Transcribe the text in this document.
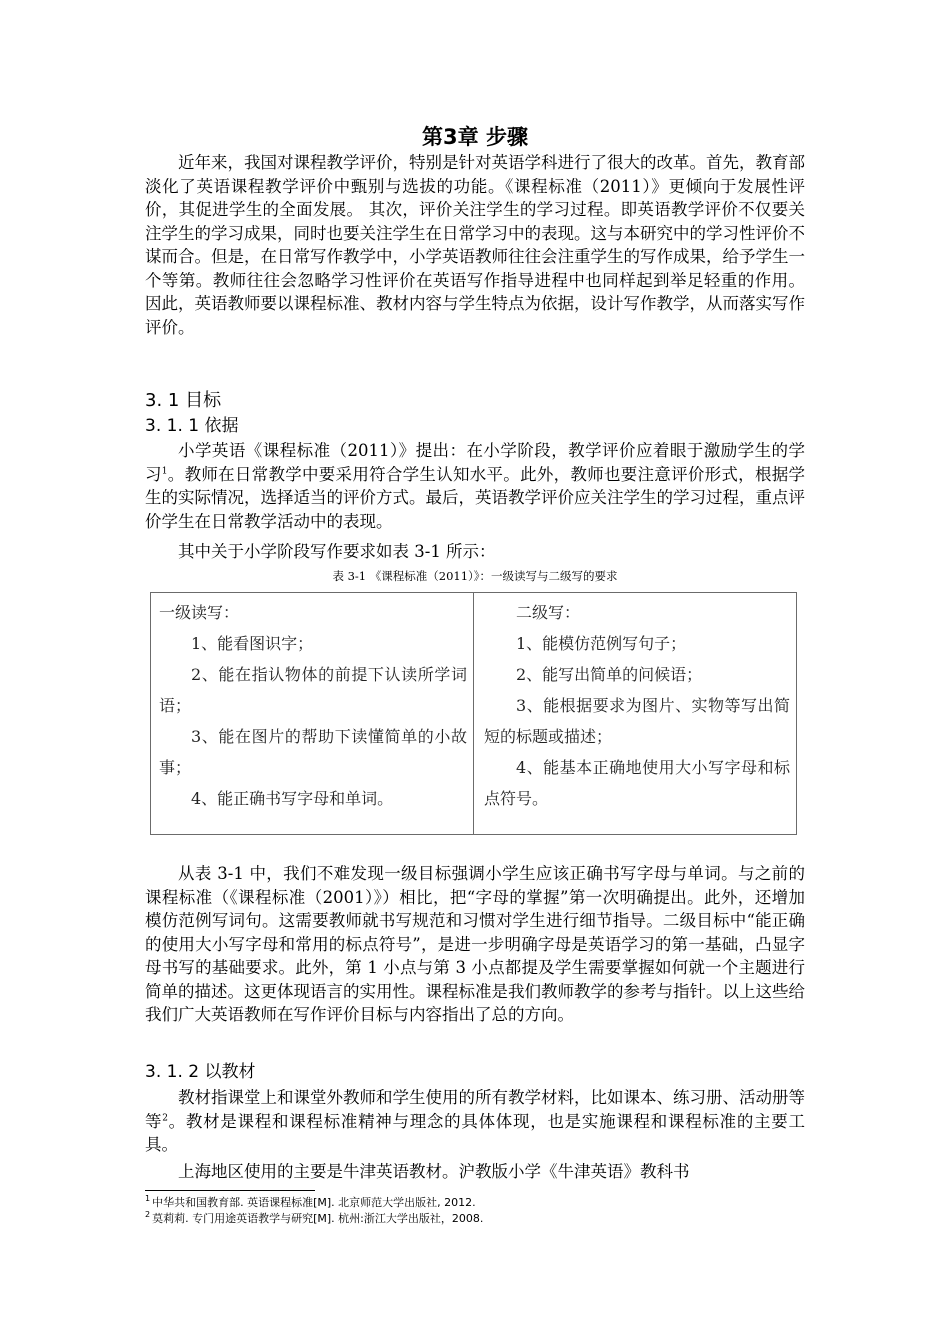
第3章 步骤

近年来，我国对课程教学评价，特别是针对英语学科进行了很大的改革。首先，教育部淡化了英语课程教学评价中甄别与选拔的功能。《课程标准（2011）》更倾向于发展性评价，其促进学生的全面发展。 其次，评价关注学生的学习过程。即英语教学评价不仅要关注学生的学习成果，同时也要关注学生在日常学习中的表现。这与本研究中的学习性评价不谋而合。但是，在日常写作教学中，小学英语教师往往会注重学生的写作成果，给予学生一个等第。教师往往会忽略学习性评价在英语写作指导进程中也同样起到举足轻重的作用。 因此，英语教师要以课程标准、教材内容与学生特点为依据，设计写作教学，从而落实写作评价。

3. 1 目标
3. 1. 1 依据

小学英语《课程标准（2011）》提出：在小学阶段，教学评价应着眼于激励学生的学习$^1$。教师在日常教学中要采用符合学生认知水平。此外，教师也要注意评价形式，根据学生的实际情况，选择适当的评价方式。最后，英语教学评价应关注学生的学习过程，重点评价学生在日常教学活动中的表现。

其中关于小学阶段写作要求如表 3-1 所示：

表 3-1 《课程标准（2011）》：一级读写与二级写的要求

一级读写：

1、能看图识字；

2、能在指认物体的前提下认读所学词语；

3、能在图片的帮助下读懂简单的小故事；

4、能正确书写字母和单词。

二级写：

1、能模仿范例写句子；

2、能写出简单的问候语；

3、能根据要求为图片、实物等写出简短的标题或描述；

4、能基本正确地使用大小写字母和标点符号。

从表 3-1 中，我们不难发现一级目标强调小学生应该正确书写字母与单词。与之前的课程标准（《课程标准（2001）》）相比，把“字母的掌握”第一次明确提出。此外，还增加模仿范例写词句。这需要教师就书写规范和习惯对学生进行细节指导。二级目标中“能正确的使用大小写字母和常用的标点符号”，是进一步明确字母是英语学习的第一基础，凸显字母书写的基础要求。此外，第 1 小点与第 3 小点都提及学生需要掌握如何就一个主题进行简单的描述。这更体现语言的实用性。课程标准是我们教师教学的参考与指针。以上这些给我们广大英语教师在写作评价目标与内容指出了总的方向。

3. 1. 2 以教材

教材指课堂上和课堂外教师和学生使用的所有教学材料，比如课本、练习册、活动册等等$^2$。教材是课程和课程标准精神与理念的具体体现，也是实施课程和课程标准的主要工具。

上海地区使用的主要是牛津英语教材。沪教版小学《牛津英语》教科书

$^1$ 中华共和国教育部. 英语课程标准[M]. 北京师范大学出版社, 2012.

$^2$ 莫莉莉. 专门用途英语教学与研究[M]. 杭州:浙江大学出版社，2008.
